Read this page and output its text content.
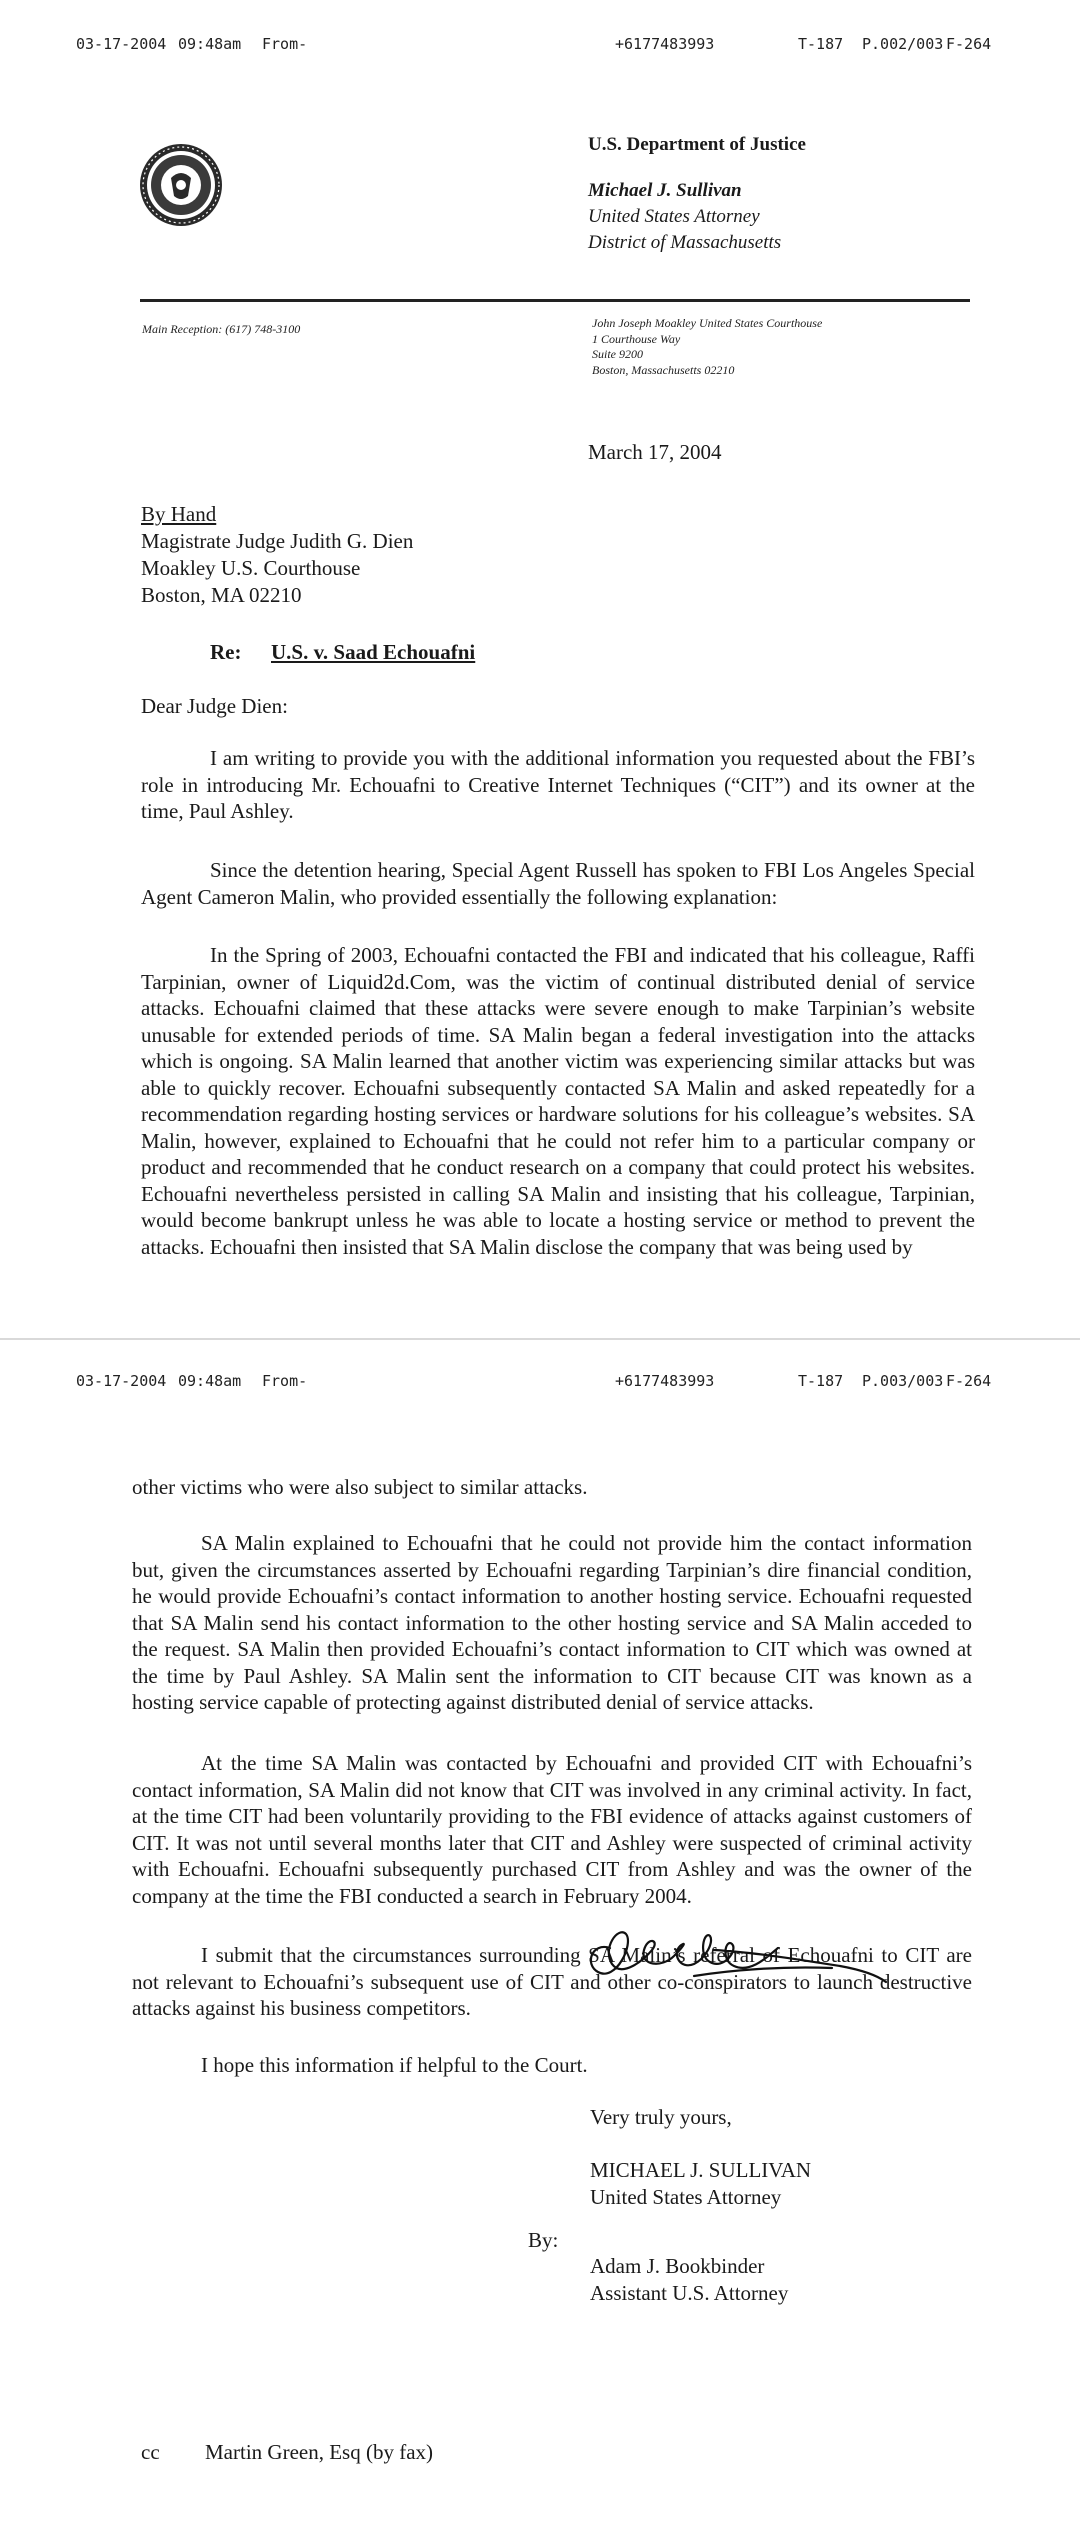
03-17-2004 09:48am From-	+6177483993	T-187 P.002/003 F-264
U.S. Department of Justice
Michael J. Sullivan
United States Attorney
District of Massachusetts
Main Reception: (617) 748-3100	John Joseph Moakley United States Courthouse
1 Courthouse Way
Suite 9200
Boston, Massachusetts 02210
March 17, 2004
By Hand
Magistrate Judge Judith G. Dien
Moakley U.S. Courthouse
Boston, MA 02210
Re: U.S. v. Saad Echouafni
Dear Judge Dien:
I am writing to provide you with the additional information you requested about the FBI’s role in introducing Mr. Echouafni to Creative Internet Techniques (“CIT”) and its owner at the time, Paul Ashley.
Since the detention hearing, Special Agent Russell has spoken to FBI Los Angeles Special Agent Cameron Malin, who provided essentially the following explanation:
In the Spring of 2003, Echouafni contacted the FBI and indicated that his colleague, Raffi Tarpinian, owner of Liquid2d.Com, was the victim of continual distributed denial of service attacks. Echouafni claimed that these attacks were severe enough to make Tarpinian’s website unusable for extended periods of time. SA Malin began a federal investigation into the attacks which is ongoing. SA Malin learned that another victim was experiencing similar attacks but was able to quickly recover. Echouafni subsequently contacted SA Malin and asked repeatedly for a recommendation regarding hosting services or hardware solutions for his colleague’s websites. SA Malin, however, explained to Echouafni that he could not refer him to a particular company or product and recommended that he conduct research on a company that could protect his websites. Echouafni nevertheless persisted in calling SA Malin and insisting that his colleague, Tarpinian, would become bankrupt unless he was able to locate a hosting service or method to prevent the attacks. Echouafni then insisted that SA Malin disclose the company that was being used by
03-17-2004 09:48am From-	+6177483993	T-187 P.003/003 F-264
other victims who were also subject to similar attacks.
SA Malin explained to Echouafni that he could not provide him the contact information but, given the circumstances asserted by Echouafni regarding Tarpinian’s dire financial condition, he would provide Echouafni’s contact information to another hosting service. Echouafni requested that SA Malin send his contact information to the other hosting service and SA Malin acceded to the request. SA Malin then provided Echouafni’s contact information to CIT which was owned at the time by Paul Ashley. SA Malin sent the information to CIT because CIT was known as a hosting service capable of protecting against distributed denial of service attacks.
At the time SA Malin was contacted by Echouafni and provided CIT with Echouafni’s contact information, SA Malin did not know that CIT was involved in any criminal activity. In fact, at the time CIT had been voluntarily providing to the FBI evidence of attacks against customers of CIT. It was not until several months later that CIT and Ashley were suspected of criminal activity with Echouafni. Echouafni subsequently purchased CIT from Ashley and was the owner of the company at the time the FBI conducted a search in February 2004.
I submit that the circumstances surrounding SA Malin’s referral of Echouafni to CIT are not relevant to Echouafni’s subsequent use of CIT and other co-conspirators to launch destructive attacks against his business competitors.
I hope this information if helpful to the Court.
Very truly yours,
MICHAEL J. SULLIVAN
United States Attorney
By:
Adam J. Bookbinder
Assistant U.S. Attorney
cc Martin Green, Esq (by fax)
